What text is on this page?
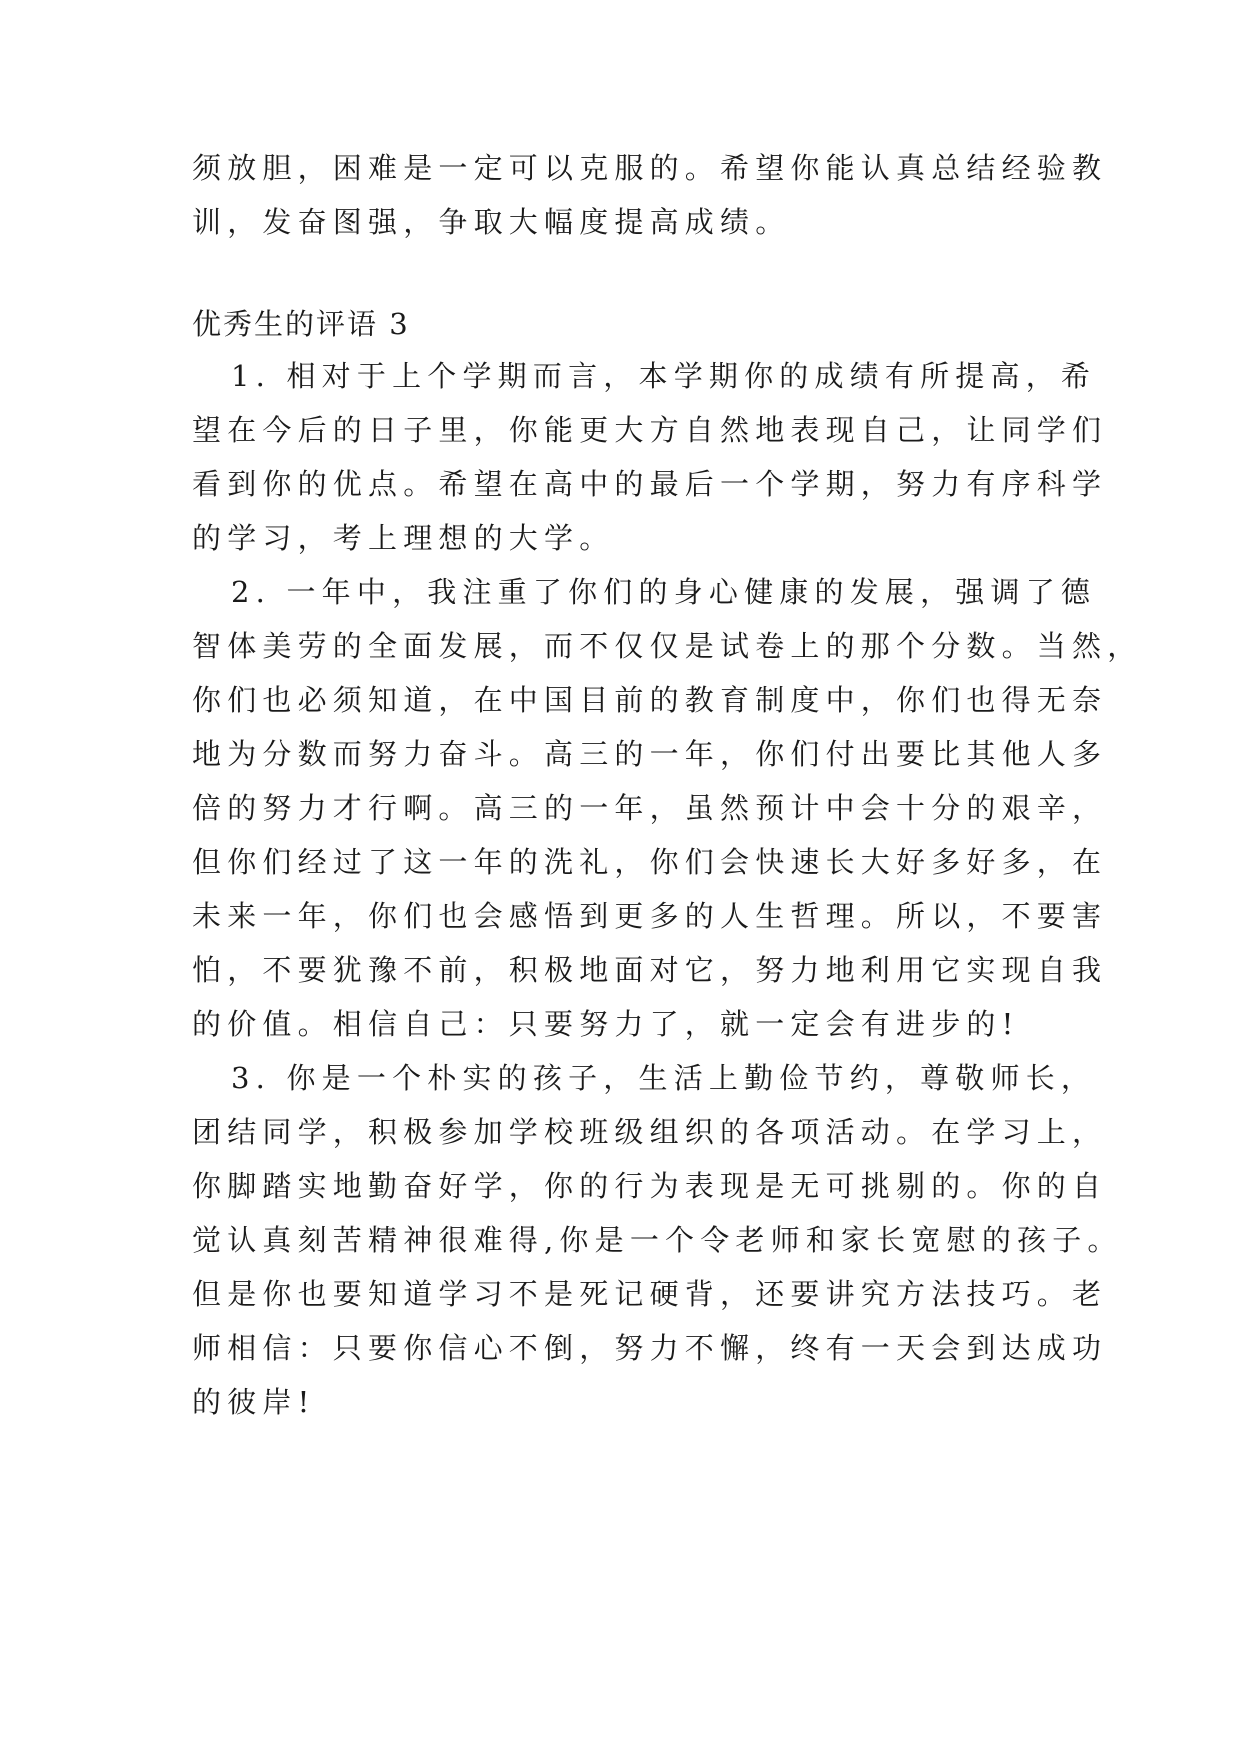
须放胆，困难是一定可以克服的。希望你能认真总结经验教
训，发奋图强，争取大幅度提高成绩。
优秀生的评语 3
1. 相对于上个学期而言，本学期你的成绩有所提高，希
望在今后的日子里，你能更大方自然地表现自己，让同学们
看到你的优点。希望在高中的最后一个学期，努力有序科学
的学习，考上理想的大学。
2. 一年中，我注重了你们的身心健康的发展，强调了德
智体美劳的全面发展，而不仅仅是试卷上的那个分数。当然，
你们也必须知道，在中国目前的教育制度中，你们也得无奈
地为分数而努力奋斗。高三的一年，你们付出要比其他人多
倍的努力才行啊。高三的一年，虽然预计中会十分的艰辛，
但你们经过了这一年的洗礼，你们会快速长大好多好多，在
未来一年，你们也会感悟到更多的人生哲理。所以，不要害
怕，不要犹豫不前，积极地面对它，努力地利用它实现自我
的价值。相信自己：只要努力了，就一定会有进步的!
3. 你是一个朴实的孩子，生活上勤俭节约，尊敬师长，
团结同学，积极参加学校班级组织的各项活动。在学习上，
你脚踏实地勤奋好学，你的行为表现是无可挑剔的。你的自
觉认真刻苦精神很难得,你是一个令老师和家长宽慰的孩子。
但是你也要知道学习不是死记硬背，还要讲究方法技巧。老
师相信：只要你信心不倒，努力不懈，终有一天会到达成功
的彼岸!
